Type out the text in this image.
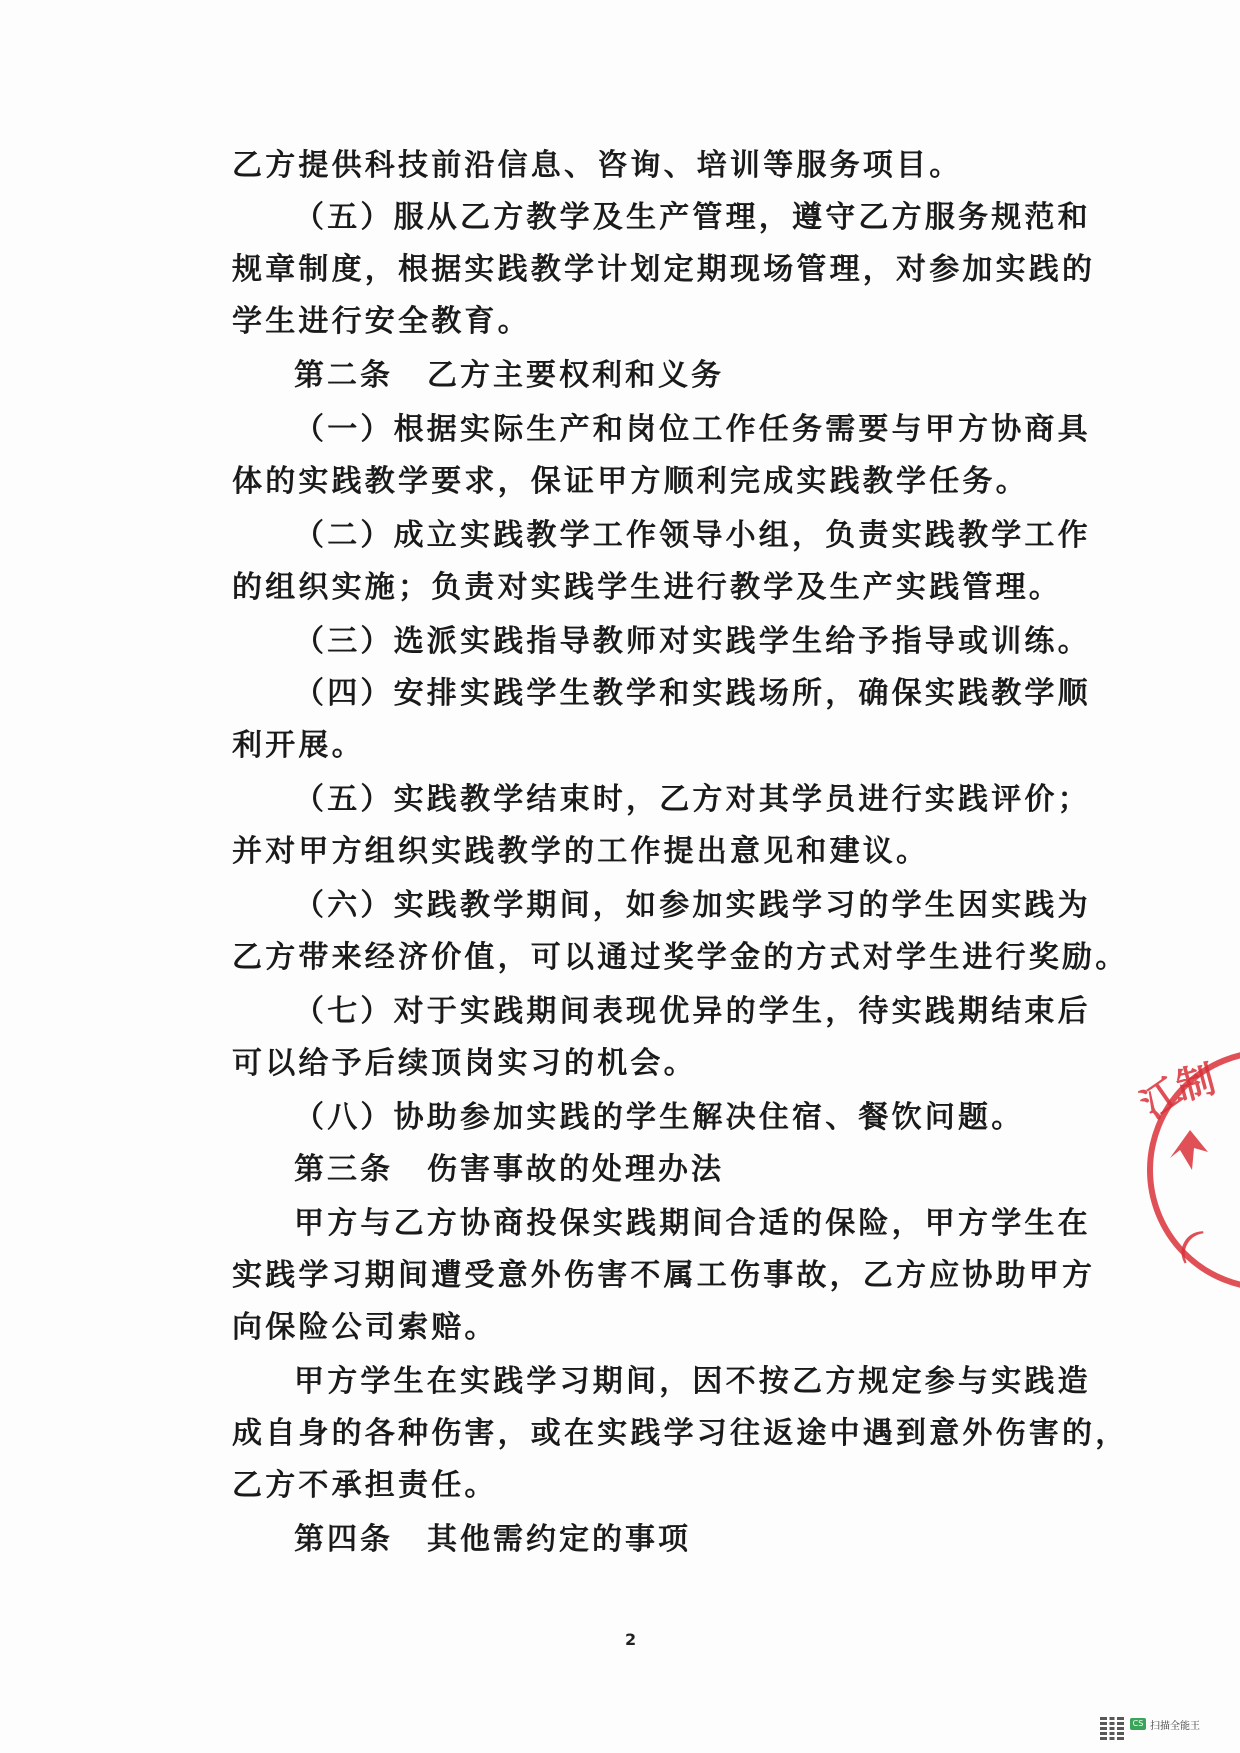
乙方提供科技前沿信息、咨询、培训等服务项目。
（五）服从乙方教学及生产管理，遵守乙方服务规范和
规章制度，根据实践教学计划定期现场管理，对参加实践的
学生进行安全教育。
第二条 乙方主要权利和义务
（一）根据实际生产和岗位工作任务需要与甲方协商具
体的实践教学要求，保证甲方顺利完成实践教学任务。
（二）成立实践教学工作领导小组，负责实践教学工作
的组织实施；负责对实践学生进行教学及生产实践管理。
（三）选派实践指导教师对实践学生给予指导或训练。
（四）安排实践学生教学和实践场所，确保实践教学顺
利开展。
（五）实践教学结束时，乙方对其学员进行实践评价；
并对甲方组织实践教学的工作提出意见和建议。
（六）实践教学期间，如参加实践学习的学生因实践为
乙方带来经济价值，可以通过奖学金的方式对学生进行奖励。
（七）对于实践期间表现优异的学生，待实践期结束后
可以给予后续顶岗实习的机会。
（八）协助参加实践的学生解决住宿、餐饮问题。
第三条 伤害事故的处理办法
甲方与乙方协商投保实践期间合适的保险，甲方学生在
实践学习期间遭受意外伤害不属工伤事故，乙方应协助甲方
向保险公司索赔。
甲方学生在实践学习期间，因不按乙方规定参与实践造
成自身的各种伤害，或在实践学习往返途中遇到意外伤害的，
乙方不承担责任。
第四条 其他需约定的事项
2
江
制
（
CS 扫描全能王
